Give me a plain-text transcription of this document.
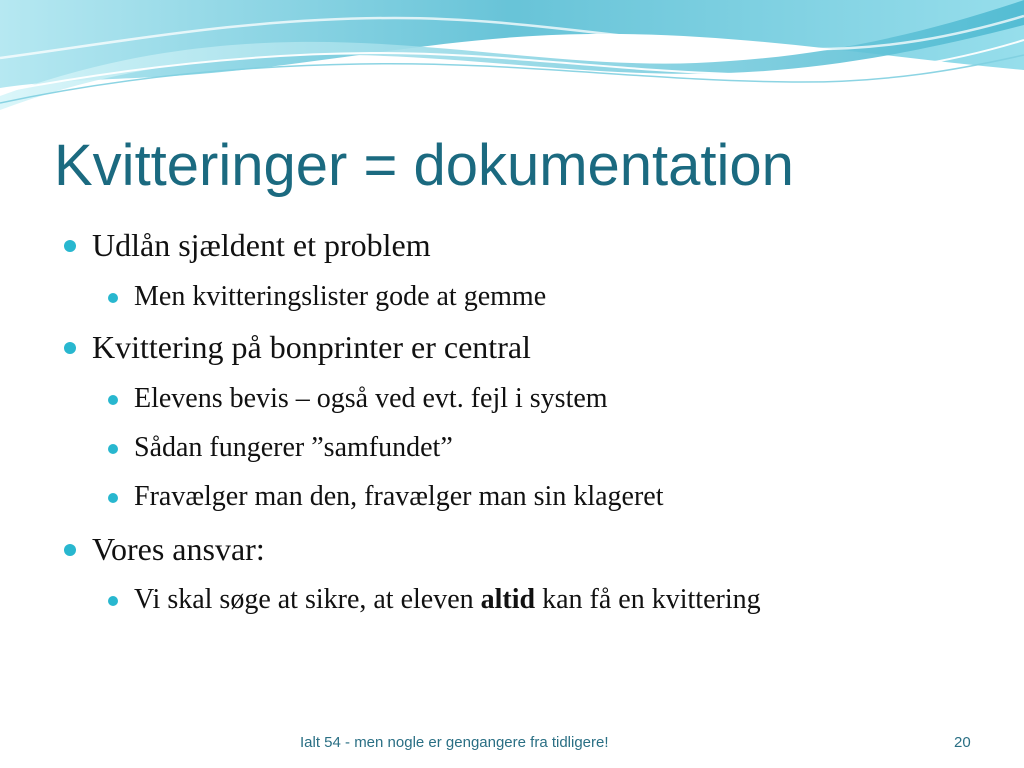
Kvitteringer = dokumentation
Udlån sjældent et problem
Men kvitteringslister gode at gemme
Kvittering på bonprinter er central
Elevens bevis – også ved evt. fejl i system
Sådan fungerer ”samfundet”
Fravælger man den, fravælger man sin klageret
Vores ansvar:
Vi skal søge at sikre, at eleven altid kan få en kvittering
Ialt 54 - men nogle er gengangere fra tidligere!	20
